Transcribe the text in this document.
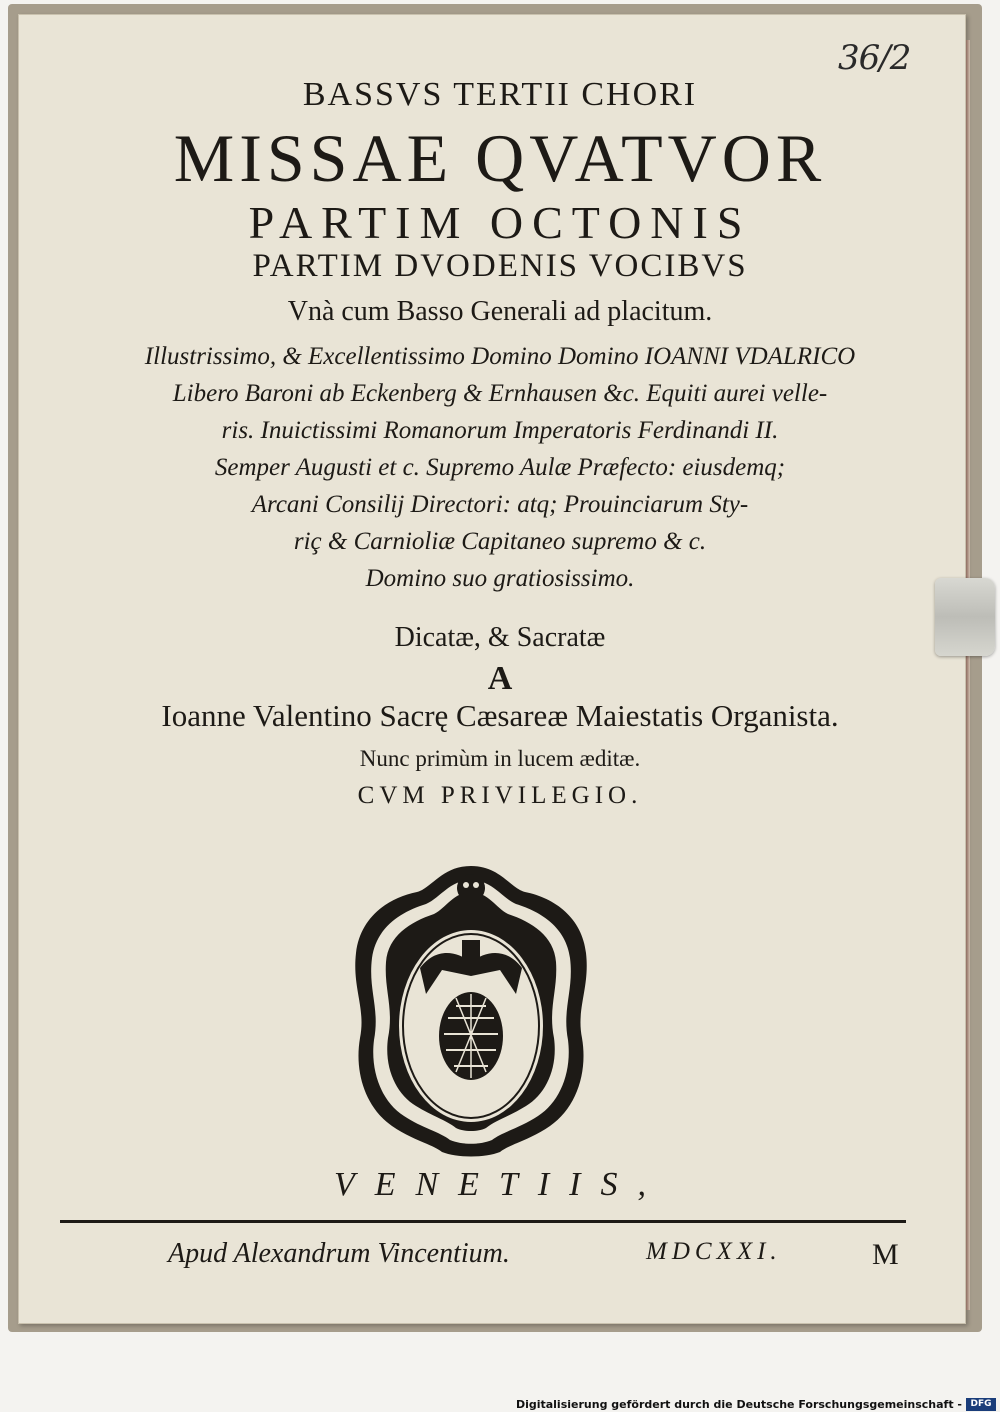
36/2
BASSVS TERTII CHORI
MISSAE QVATVOR
PARTIM OCTONIS
PARTIM DVODENIS VOCIBVS
Vnà cum Basso Generali ad placitum.
Illustrissimo, & Excellentissimo Domino Domino IOANNI VDALRICO
Libero Baroni ab Eckenberg & Ernhausen &c. Equiti aurei velle-
ris. Inuictissimi Romanorum Imperatoris Ferdinandi II.
Semper Augusti et c. Supremo Aulæ Præfecto: eiusdemq;
Arcani Consilij Directori: atq; Prouinciarum Sty-
riç & Carnioliæ Capitaneo supremo & c.
Domino suo gratiosissimo.
Dicatæ, & Sacratæ
A
Ioanne Valentino Sacrę Cæsareæ Maiestatis Organista.
Nunc primùm in lucem æditæ.
CVM PRIVILEGIO.
VENETIIS,
Apud Alexandrum Vincentium.	MDCXXI.	M
Digitalisierung gefördert durch die Deutsche Forschungsgemeinschaft - DFG
